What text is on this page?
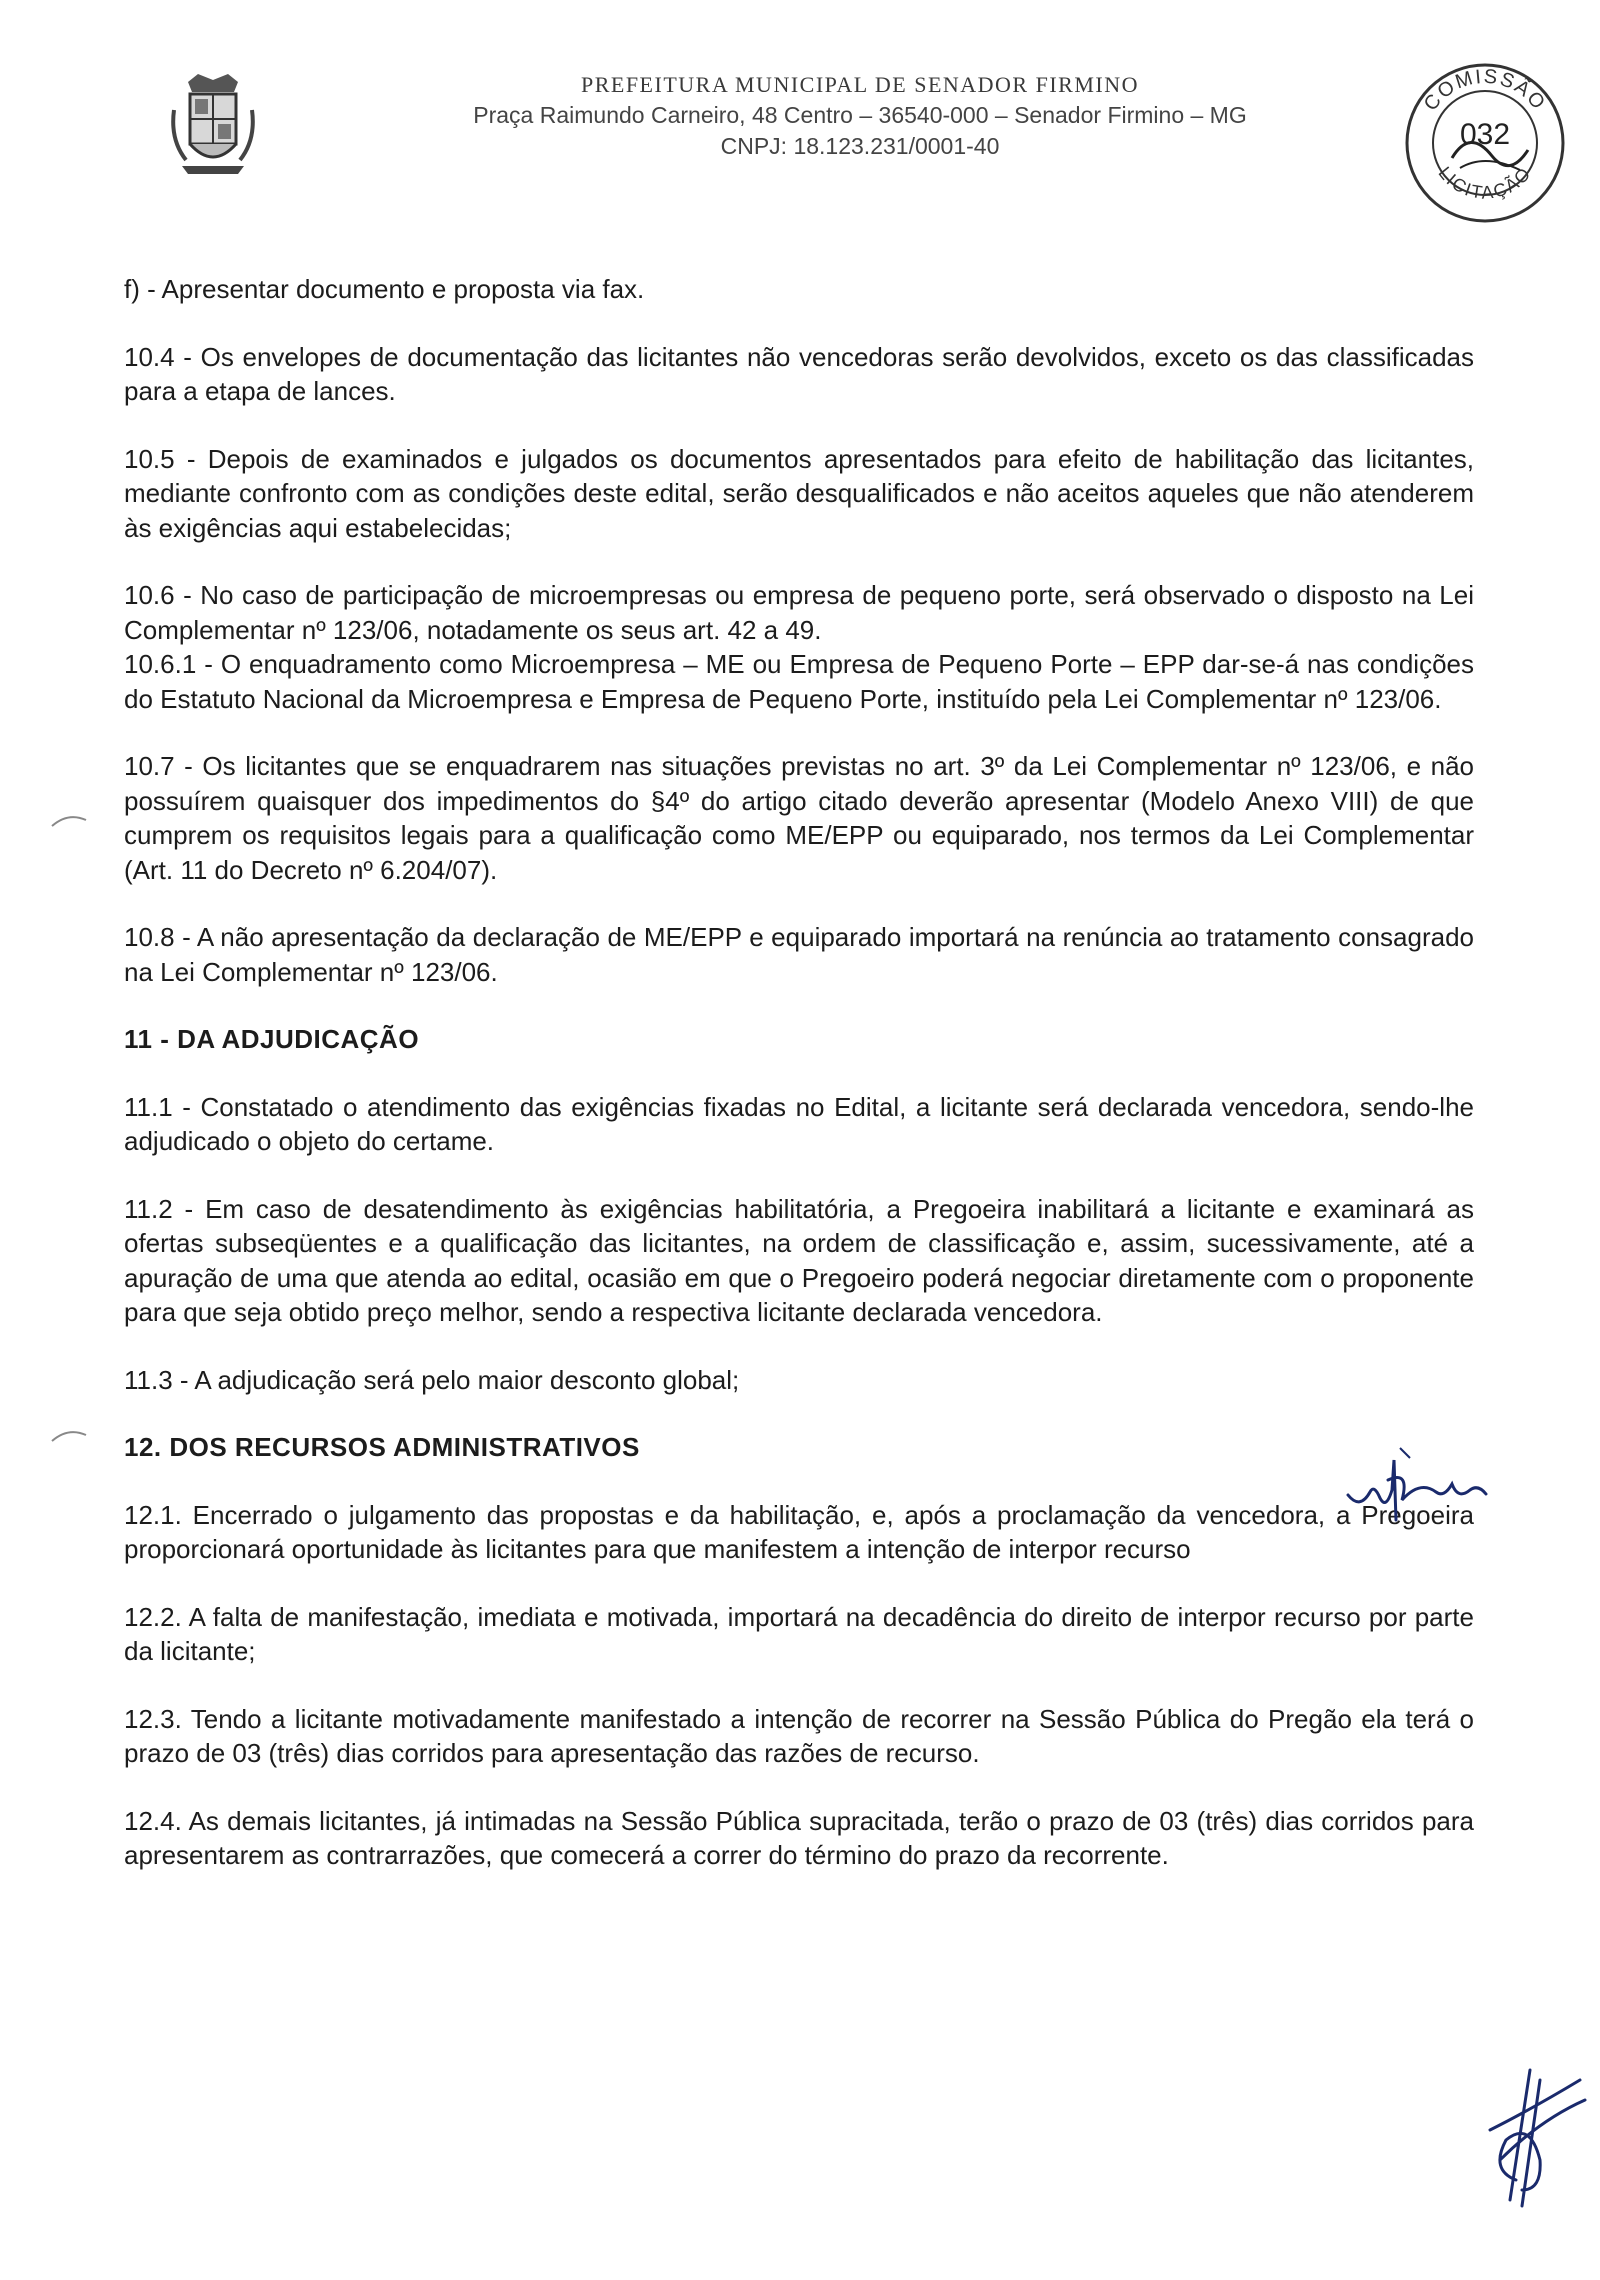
PREFEITURA MUNICIPAL DE SENADOR FIRMINO
Praça Raimundo Carneiro, 48 Centro – 36540-000 – Senador Firmino – MG
CNPJ: 18.123.231/0001-40
COMISSÃO
LICITAÇÃO
032

f) - Apresentar documento e proposta via fax.

10.4 - Os envelopes de documentação das licitantes não vencedoras serão devolvidos, exceto os das classificadas para a etapa de lances.

10.5 - Depois de examinados e julgados os documentos apresentados para efeito de habilitação das licitantes, mediante confronto com as condições deste edital, serão desqualificados e não aceitos aqueles que não atenderem às exigências aqui estabelecidas;

10.6 - No caso de participação de microempresas ou empresa de pequeno porte, será observado o disposto na Lei Complementar nº 123/06, notadamente os seus art. 42 a 49.

10.6.1 - O enquadramento como Microempresa – ME ou Empresa de Pequeno Porte – EPP dar-se-á nas condições do Estatuto Nacional da Microempresa e Empresa de Pequeno Porte, instituído pela Lei Complementar nº 123/06.

10.7 - Os licitantes que se enquadrarem nas situações previstas no art. 3º da Lei Complementar nº 123/06, e não possuírem quaisquer dos impedimentos do §4º do artigo citado deverão apresentar (Modelo Anexo VIII) de que cumprem os requisitos legais para a qualificação como ME/EPP ou equiparado, nos termos da Lei Complementar (Art. 11 do Decreto nº 6.204/07).

10.8 - A não apresentação da declaração de ME/EPP e equiparado importará na renúncia ao tratamento consagrado na Lei Complementar nº 123/06.

11 - DA ADJUDICAÇÃO

11.1 - Constatado o atendimento das exigências fixadas no Edital, a licitante será declarada vencedora, sendo-lhe adjudicado o objeto do certame.

11.2 - Em caso de desatendimento às exigências habilitatória, a Pregoeira inabilitará a licitante e examinará as ofertas subseqüentes e a qualificação das licitantes, na ordem de classificação e, assim, sucessivamente, até a apuração de uma que atenda ao edital, ocasião em que o Pregoeiro poderá negociar diretamente com o proponente para que seja obtido preço melhor, sendo a respectiva licitante declarada vencedora.

11.3 - A adjudicação será pelo maior desconto global;

12. DOS RECURSOS ADMINISTRATIVOS

12.1. Encerrado o julgamento das propostas e da habilitação, e, após a proclamação da vencedora, a Pregoeira proporcionará oportunidade às licitantes para que manifestem a intenção de interpor recurso

12.2. A falta de manifestação, imediata e motivada, importará na decadência do direito de interpor recurso por parte da licitante;

12.3. Tendo a licitante motivadamente manifestado a intenção de recorrer na Sessão Pública do Pregão ela terá o prazo de 03 (três) dias corridos para apresentação das razões de recurso.

12.4. As demais licitantes, já intimadas na Sessão Pública supracitada, terão o prazo de 03 (três) dias corridos para apresentarem as contrarrazões, que comecerá a correr do término do prazo da recorrente.
